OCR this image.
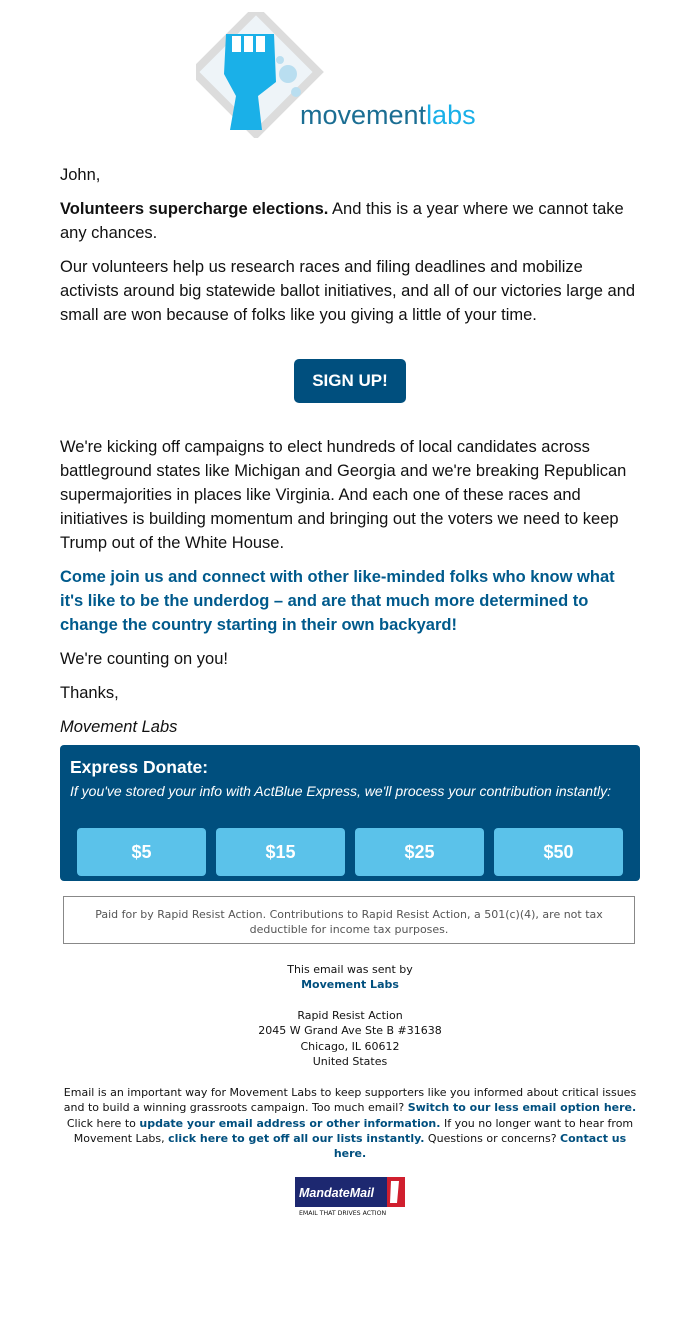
movementlabs

John,

Volunteers supercharge elections. And this is a year where we cannot take any chances.

Our volunteers help us research races and filing deadlines and mobilize activists around big statewide ballot initiatives, and all of our victories large and small are won because of folks like you giving a little of your time.

SIGN UP!

We're kicking off campaigns to elect hundreds of local candidates across battleground states like Michigan and Georgia and we're breaking Republican supermajorities in places like Virginia. And each one of these races and initiatives is building momentum and bringing out the voters we need to keep Trump out of the White House.

Come join us and connect with other like-minded folks who know what it's like to be the underdog – and are that much more determined to change the country starting in their own backyard!

We're counting on you!

Thanks,

Movement Labs

Express Donate:
If you've stored your info with ActBlue Express, we'll process your contribution instantly:
$5	$15	$25	$50
Paid for by Rapid Resist Action. Contributions to Rapid Resist Action, a 501(c)(4), are not tax deductible for income tax purposes.
This email was sent by
Movement Labs
Rapid Resist Action
2045 W Grand Ave Ste B #31638
Chicago, IL 60612
United States
Email is an important way for Movement Labs to keep supporters like you informed about critical issues and to build a winning grassroots campaign. Too much email? Switch to our less email option here. Click here to update your email address or other information. If you no longer want to hear from Movement Labs, click here to get off all our lists instantly. Questions or concerns? Contact us here.
MandateMail
EMAIL THAT DRIVES ACTION
